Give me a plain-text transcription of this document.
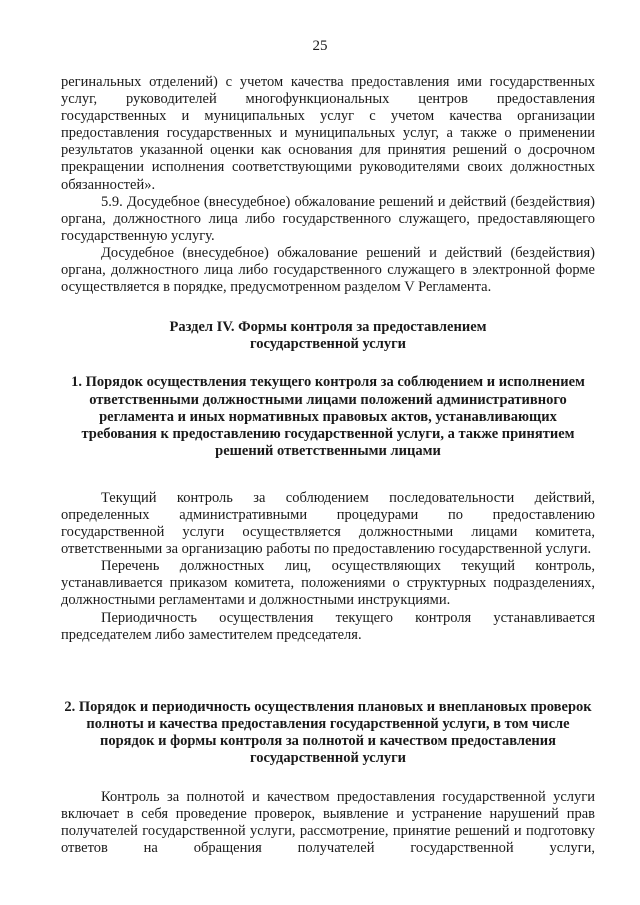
25

регинальных отделений) с учетом качества предоставления ими государственных услуг, руководителей многофункциональных центров предоставления государственных и муниципальных услуг с учетом качества организации предоставления государственных и муниципальных услуг, а также о применении результатов указанной оценки как основания для принятия решений о досрочном прекращении исполнения соответствующими руководителями своих должностных обязанностей».

5.9. Досудебное (внесудебное) обжалование решений и действий (бездействия) органа, должностного лица либо государственного служащего, предоставляющего государственную услугу.

Досудебное (внесудебное) обжалование решений и действий (бездействия) органа, должностного лица либо государственного служащего в электронной форме осуществляется в порядке, предусмотренном разделом V Регламента.

Раздел IV. Формы контроля за предоставлением государственной услуги

1. Порядок осуществления текущего контроля за соблюдением и исполнением ответственными должностными лицами положений административного регламента и иных нормативных правовых актов, устанавливающих требования к предоставлению государственной услуги, а также принятием решений ответственными лицами

Текущий контроль за соблюдением последовательности действий, определенных административными процедурами по предоставлению государственной услуги осуществляется должностными лицами комитета, ответственными за организацию работы по предоставлению государственной услуги.

Перечень должностных лиц, осуществляющих текущий контроль, устанавливается приказом комитета, положениями о структурных подразделениях, должностными регламентами и должностными инструкциями.

Периодичность осуществления текущего контроля устанавливается председателем либо заместителем председателя.

2. Порядок и периодичность осуществления плановых и внеплановых проверок полноты и качества предоставления государственной услуги, в том числе порядок и формы контроля за полнотой и качеством предоставления государственной услуги

Контроль за полнотой и качеством предоставления государственной услуги включает в себя проведение проверок, выявление и устранение нарушений прав получателей государственной услуги, рассмотрение, принятие решений и подготовку ответов на обращения получателей государственной услуги,
